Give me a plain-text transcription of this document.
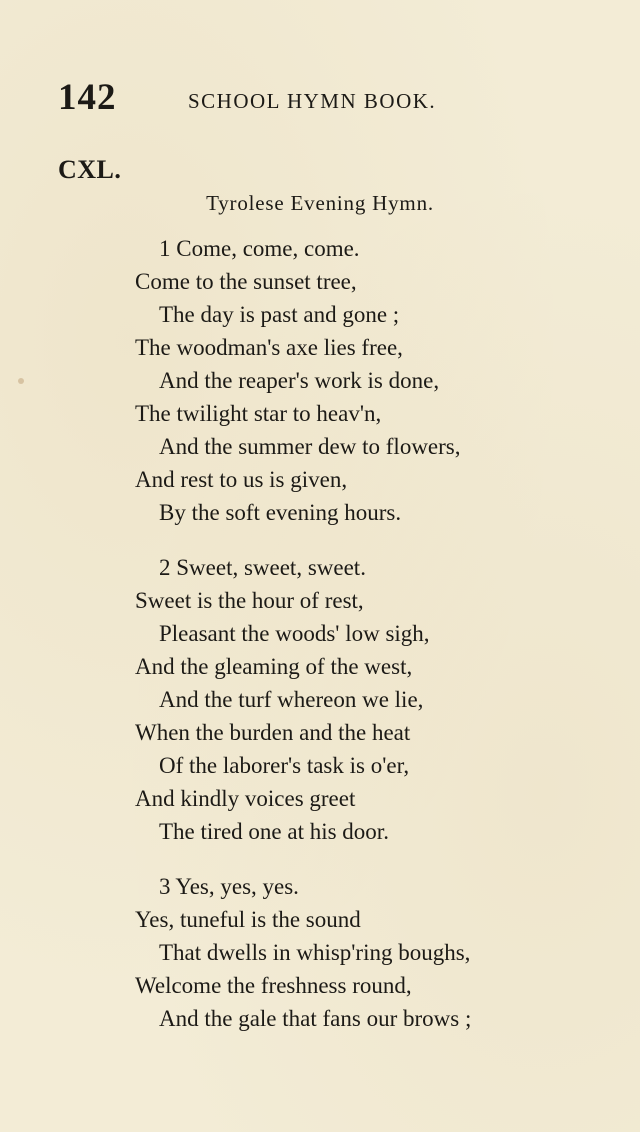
142	SCHOOL HYMN BOOK.
CXL.
Tyrolese Evening Hymn.
1 Come, come, come.
Come to the sunset tree,
The day is past and gone ;
The woodman's axe lies free,
And the reaper's work is done,
The twilight star to heav'n,
And the summer dew to flowers,
And rest to us is given,
By the soft evening hours.
2 Sweet, sweet, sweet.
Sweet is the hour of rest,
Pleasant the woods' low sigh,
And the gleaming of the west,
And the turf whereon we lie,
When the burden and the heat
Of the laborer's task is o'er,
And kindly voices greet
The tired one at his door.
3 Yes, yes, yes.
Yes, tuneful is the sound
That dwells in whisp'ring boughs,
Welcome the freshness round,
And the gale that fans our brows ;
